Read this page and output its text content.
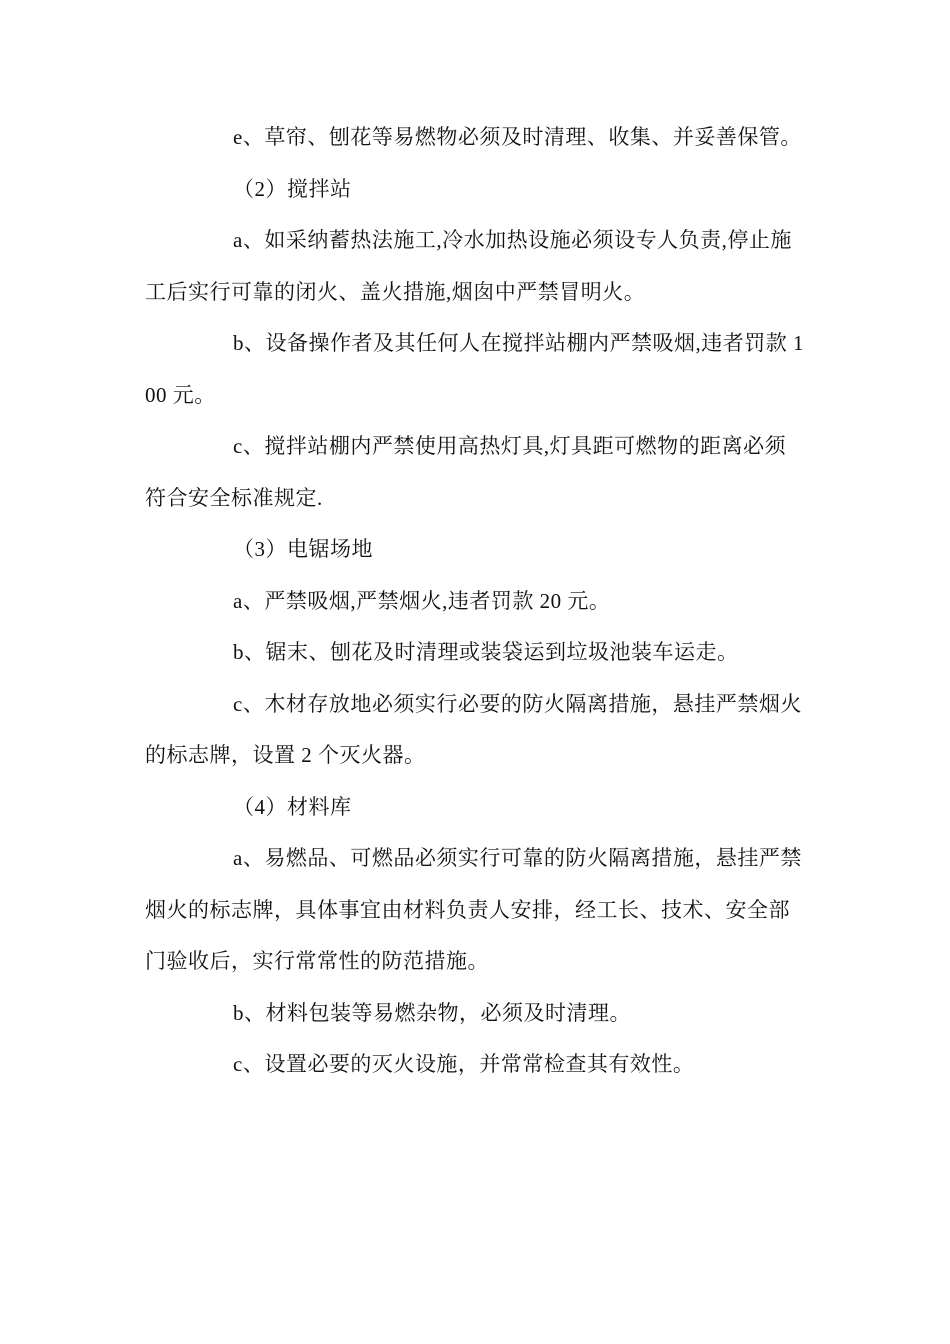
e、草帘、刨花等易燃物必须及时清理、收集、并妥善保管。

（2）搅拌站

a、如采纳蓄热法施工,冷水加热设施必须设专人负责,停止施工后实行可靠的闭火、盖火措施,烟囱中严禁冒明火。

b、设备操作者及其任何人在搅拌站棚内严禁吸烟,违者罚款 100 元。

c、搅拌站棚内严禁使用高热灯具,灯具距可燃物的距离必须符合安全标准规定.

（3）电锯场地

a、严禁吸烟,严禁烟火,违者罚款 20 元。

b、锯末、刨花及时清理或装袋运到垃圾池装车运走。

c、木材存放地必须实行必要的防火隔离措施，悬挂严禁烟火的标志牌，设置 2 个灭火器。

（4）材料库

a、易燃品、可燃品必须实行可靠的防火隔离措施，悬挂严禁烟火的标志牌，具体事宜由材料负责人安排，经工长、技术、安全部门验收后，实行常常性的防范措施。

b、材料包装等易燃杂物，必须及时清理。

c、设置必要的灭火设施，并常常检查其有效性。
